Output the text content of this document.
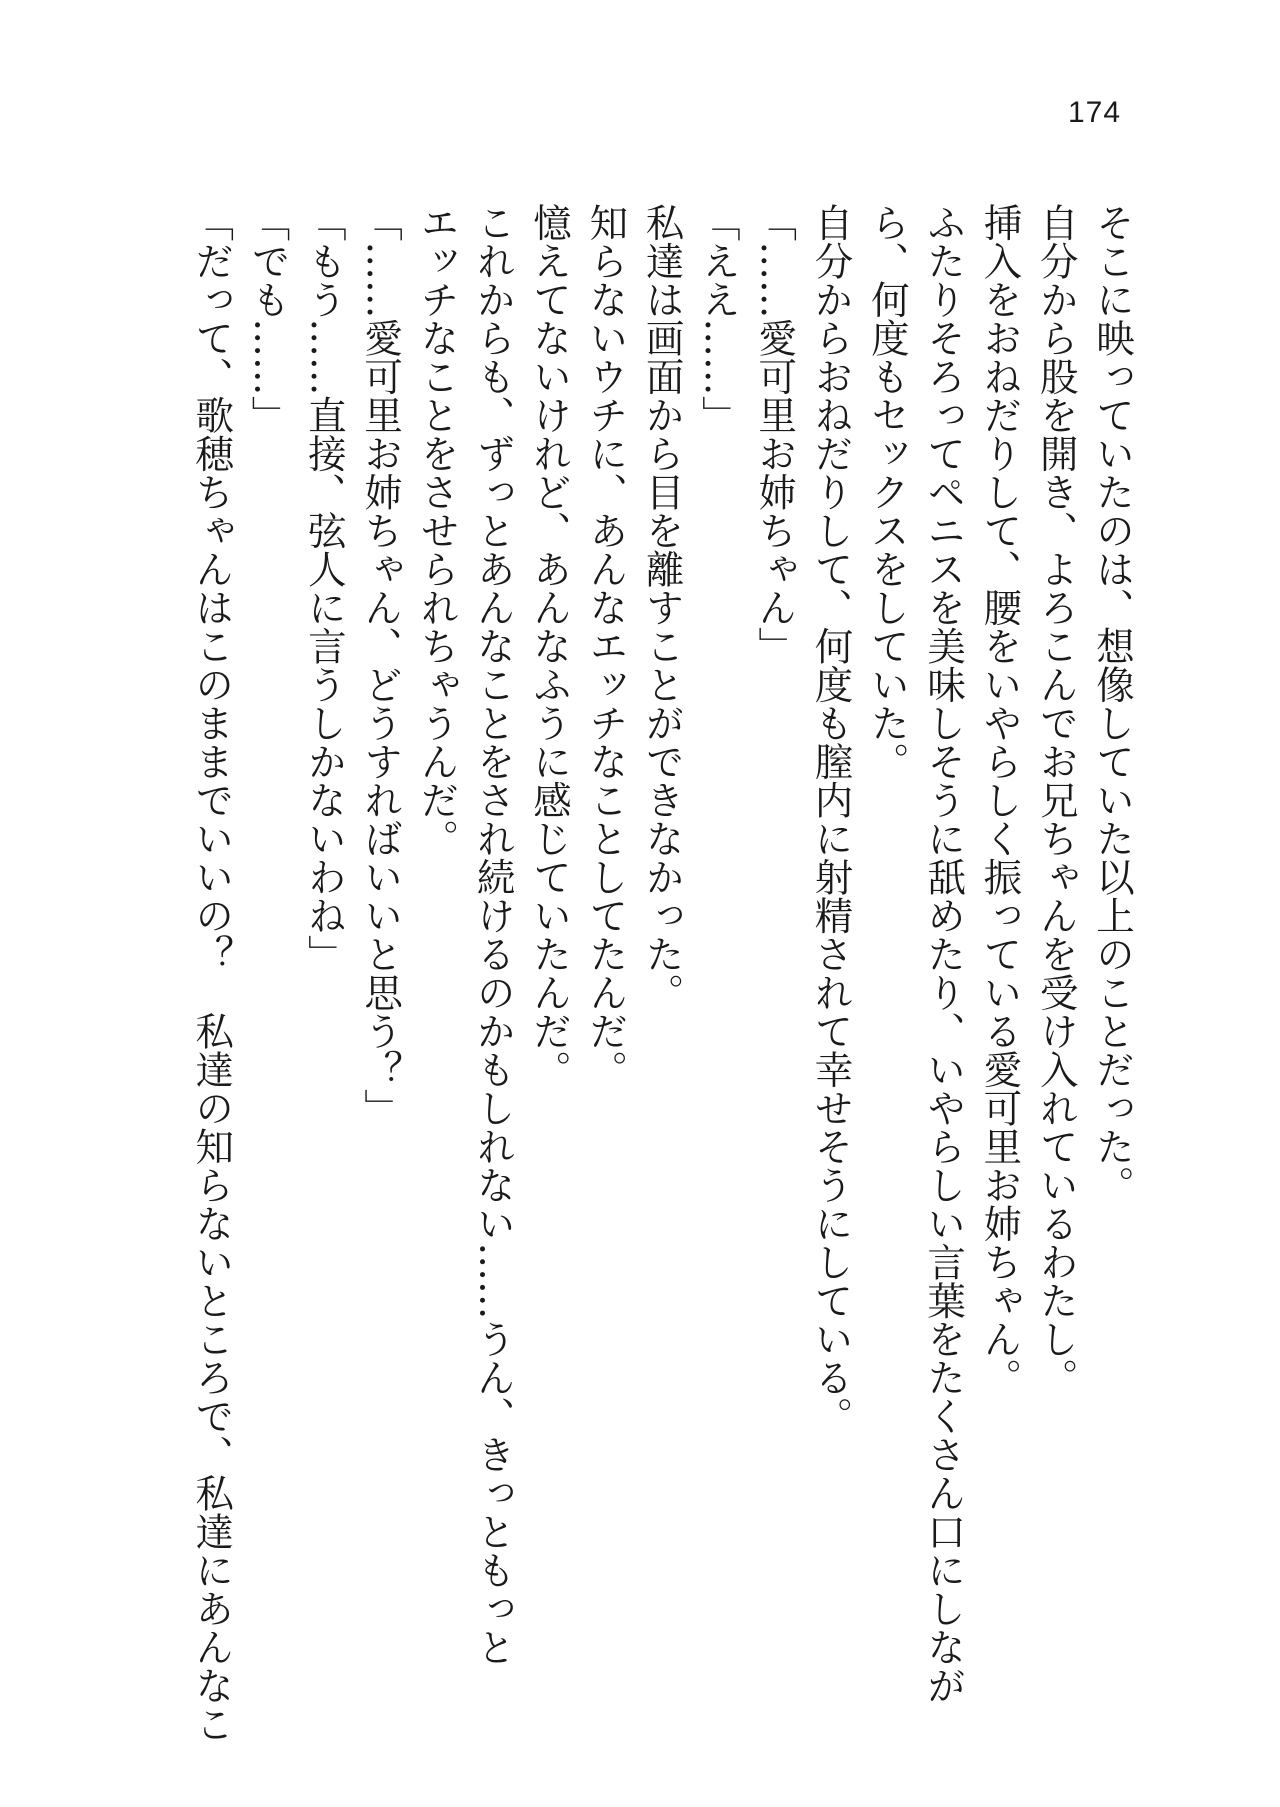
174
そこに映っていたのは、想像していた以上のことだった。
自分から股を開き、よろこんでお兄ちゃんを受け入れているわたし。
挿入をおねだりして、腰をいやらしく振っている愛可里お姉ちゃん。
ふたりそろってペニスを美味しそうに舐めたり、いやらしい言葉をたくさん口にしなが
ら、何度もセックスをしていた。
自分からおねだりして、何度も膣内に射精されて幸せそうにしている。
「……愛可里お姉ちゃん」
「ええ……」
私達は画面から目を離すことができなかった。
知らないウチに、あんなエッチなことしてたんだ。
憶えてないけれど、あんなふうに感じていたんだ。
これからも、ずっとあんなことをされ続けるのかもしれない……うん、きっともっと
エッチなことをさせられちゃうんだ。
「……愛可里お姉ちゃん、どうすればいいと思う？」
「もう……直接、弦人に言うしかないわね」
「でも……」
「だって、歌穂ちゃんはこのままでいいの？　私達の知らないところで、私達にあんなこ
